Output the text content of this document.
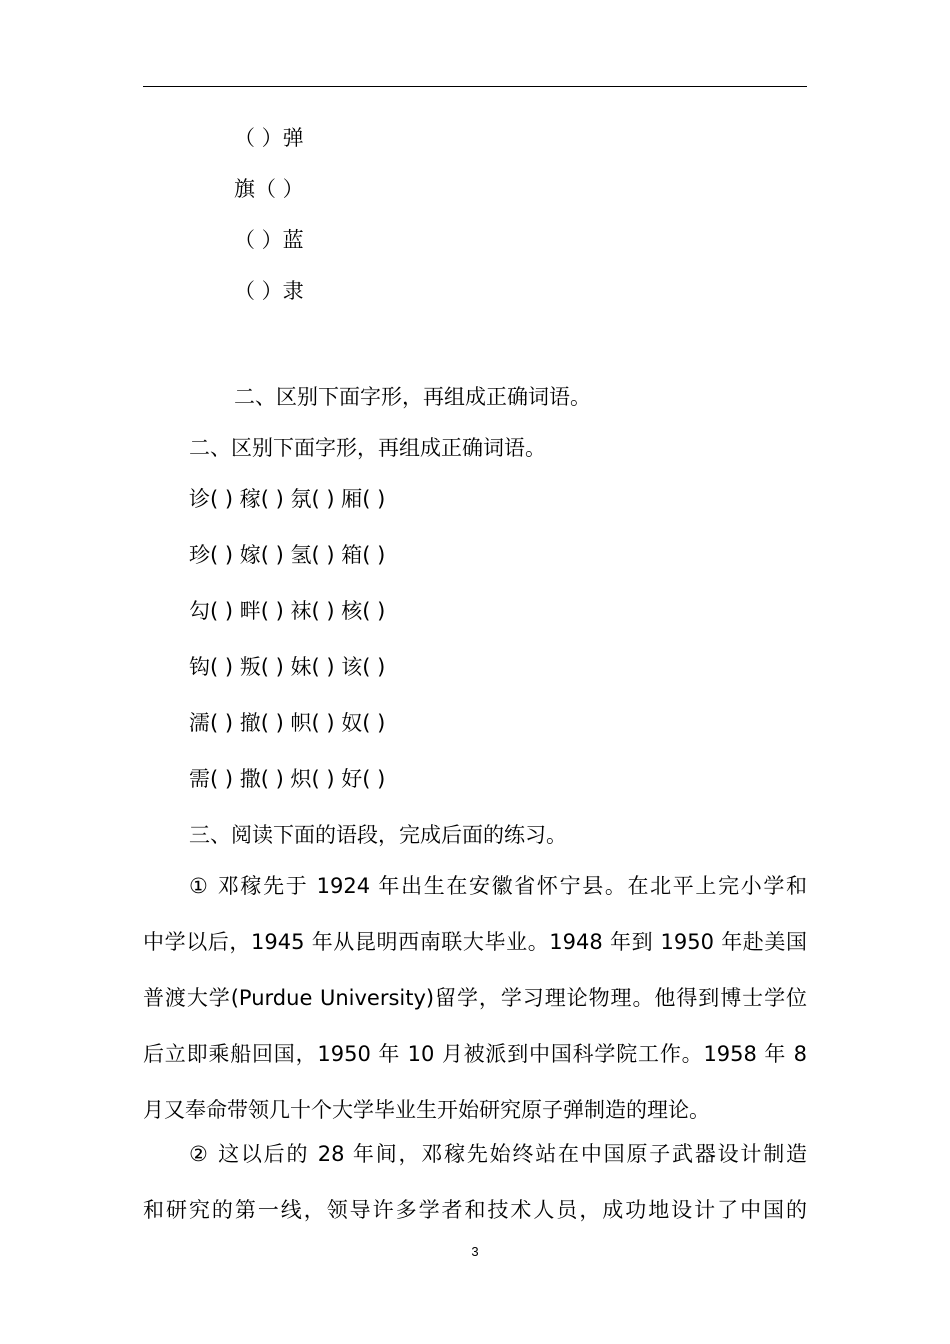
（ ）弹
旗（ ）
（ ）蓝
（ ）隶
二、区别下面字形，再组成正确词语。
二、区别下面字形，再组成正确词语。
诊( ) 稼( ) 氛( ) 厢( )
珍( ) 嫁( ) 氢( ) 箱( )
勾( ) 畔( ) 袜( ) 核( )
钩( ) 叛( ) 妹( ) 该( )
濡( ) 撤( ) 帜( ) 奴( )
需( ) 撒( ) 炽( ) 好( )
三、阅读下面的语段，完成后面的练习。
① 邓稼先于 1924 年出生在安徽省怀宁县。在北平上完小学和
中学以后，1945 年从昆明西南联大毕业。1948 年到 1950 年赴美国
普渡大学(Purdue University)留学，学习理论物理。他得到博士学位
后立即乘船回国，1950 年 10 月被派到中国科学院工作。1958 年 8
月又奉命带领几十个大学毕业生开始研究原子弹制造的理论。
② 这以后的 28 年间，邓稼先始终站在中国原子武器设计制造
和研究的第一线，领导许多学者和技术人员，成功地设计了中国的
3
